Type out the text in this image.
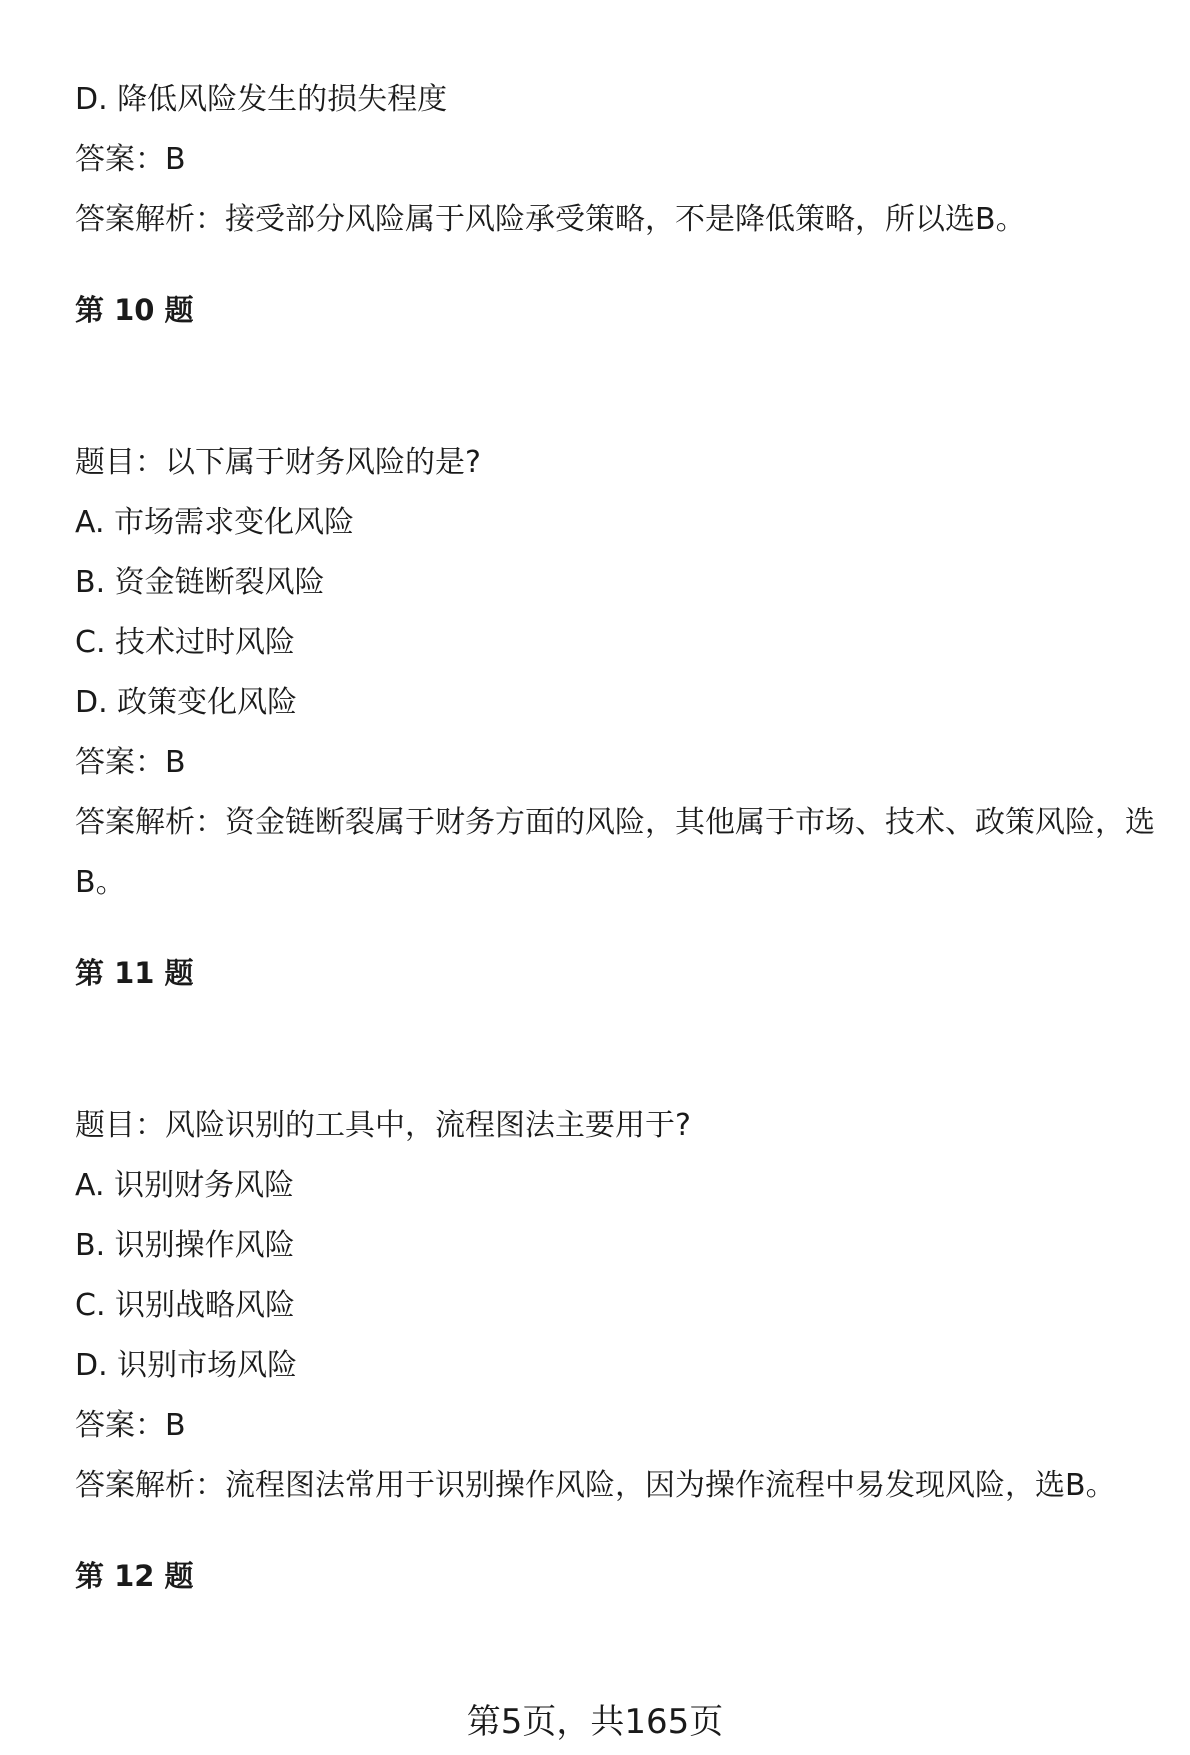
D. 降低风险发生的损失程度
答案：B
答案解析：接受部分风险属于风险承受策略，不是降低策略，所以选B。
第 10 题
题目：以下属于财务风险的是?
A. 市场需求变化风险
B. 资金链断裂风险
C. 技术过时风险
D. 政策变化风险
答案：B
答案解析：资金链断裂属于财务方面的风险，其他属于市场、技术、政策风险，选B。
第 11 题
题目：风险识别的工具中，流程图法主要用于?
A. 识别财务风险
B. 识别操作风险
C. 识别战略风险
D. 识别市场风险
答案：B
答案解析：流程图法常用于识别操作风险，因为操作流程中易发现风险，选B。
第 12 题
第5页，共165页
